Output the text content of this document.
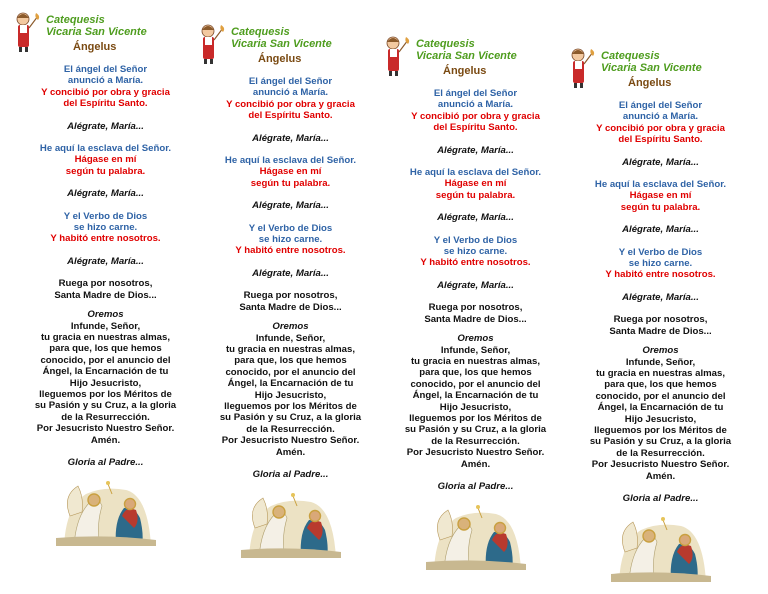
Catequesis
Vicaria San Vicente
Ángelus
El ángel del Señor
anunció a María.
Y concibió por obra y gracia
del Espíritu Santo.
Alégrate, María...
He aquí la esclava del Señor.
Hágase en mí
según tu palabra.
Alégrate, María...
Y el Verbo de Dios
se hizo carne.
Y habitó entre nosotros.
Alégrate, María...
Ruega por nosotros,
Santa Madre de Dios...
Oremos
Infunde, Señor,
tu gracia en nuestras almas,
para que, los que hemos
conocido, por el anuncio del
Ángel, la Encarnación de tu
Hijo Jesucristo,
lleguemos por los Méritos de
su Pasión y su Cruz, a la gloria
de la Resurrección.
Por Jesucristo Nuestro Señor.
Amén.
Gloria al Padre...
Catequesis
Vicaria San Vicente
Ángelus
El ángel del Señor
anunció a María.
Y concibió por obra y gracia
del Espíritu Santo.
Alégrate, María...
He aquí la esclava del Señor.
Hágase en mí
según tu palabra.
Alégrate, María...
Y el Verbo de Dios
se hizo carne.
Y habitó entre nosotros.
Alégrate, María...
Ruega por nosotros,
Santa Madre de Dios...
Oremos
Infunde, Señor,
tu gracia en nuestras almas,
para que, los que hemos
conocido, por el anuncio del
Ángel, la Encarnación de tu
Hijo Jesucristo,
lleguemos por los Méritos de
su Pasión y su Cruz, a la gloria
de la Resurrección.
Por Jesucristo Nuestro Señor.
Amén.
Gloria al Padre...
Catequesis
Vicaria San Vicente
Ángelus
El ángel del Señor
anunció a María.
Y concibió por obra y gracia
del Espíritu Santo.
Alégrate, María...
He aquí la esclava del Señor.
Hágase en mí
según tu palabra.
Alégrate, María...
Y el Verbo de Dios
se hizo carne.
Y habitó entre nosotros.
Alégrate, María...
Ruega por nosotros,
Santa Madre de Dios...
Oremos
Infunde, Señor,
tu gracia en nuestras almas,
para que, los que hemos
conocido, por el anuncio del
Ángel, la Encarnación de tu
Hijo Jesucristo,
lleguemos por los Méritos de
su Pasión y su Cruz, a la gloria
de la Resurrección.
Por Jesucristo Nuestro Señor.
Amén.
Gloria al Padre...
Catequesis
Vicaria San Vicente
Ángelus
El ángel del Señor
anunció a María.
Y concibió por obra y gracia
del Espíritu Santo.
Alégrate, María...
He aquí la esclava del Señor.
Hágase en mí
según tu palabra.
Alégrate, María...
Y el Verbo de Dios
se hizo carne.
Y habitó entre nosotros.
Alégrate, María...
Ruega por nosotros,
Santa Madre de Dios...
Oremos
Infunde, Señor,
tu gracia en nuestras almas,
para que, los que hemos
conocido, por el anuncio del
Ángel, la Encarnación de tu
Hijo Jesucristo,
lleguemos por los Méritos de
su Pasión y su Cruz, a la gloria
de la Resurrección.
Por Jesucristo Nuestro Señor.
Amén.
Gloria al Padre...
